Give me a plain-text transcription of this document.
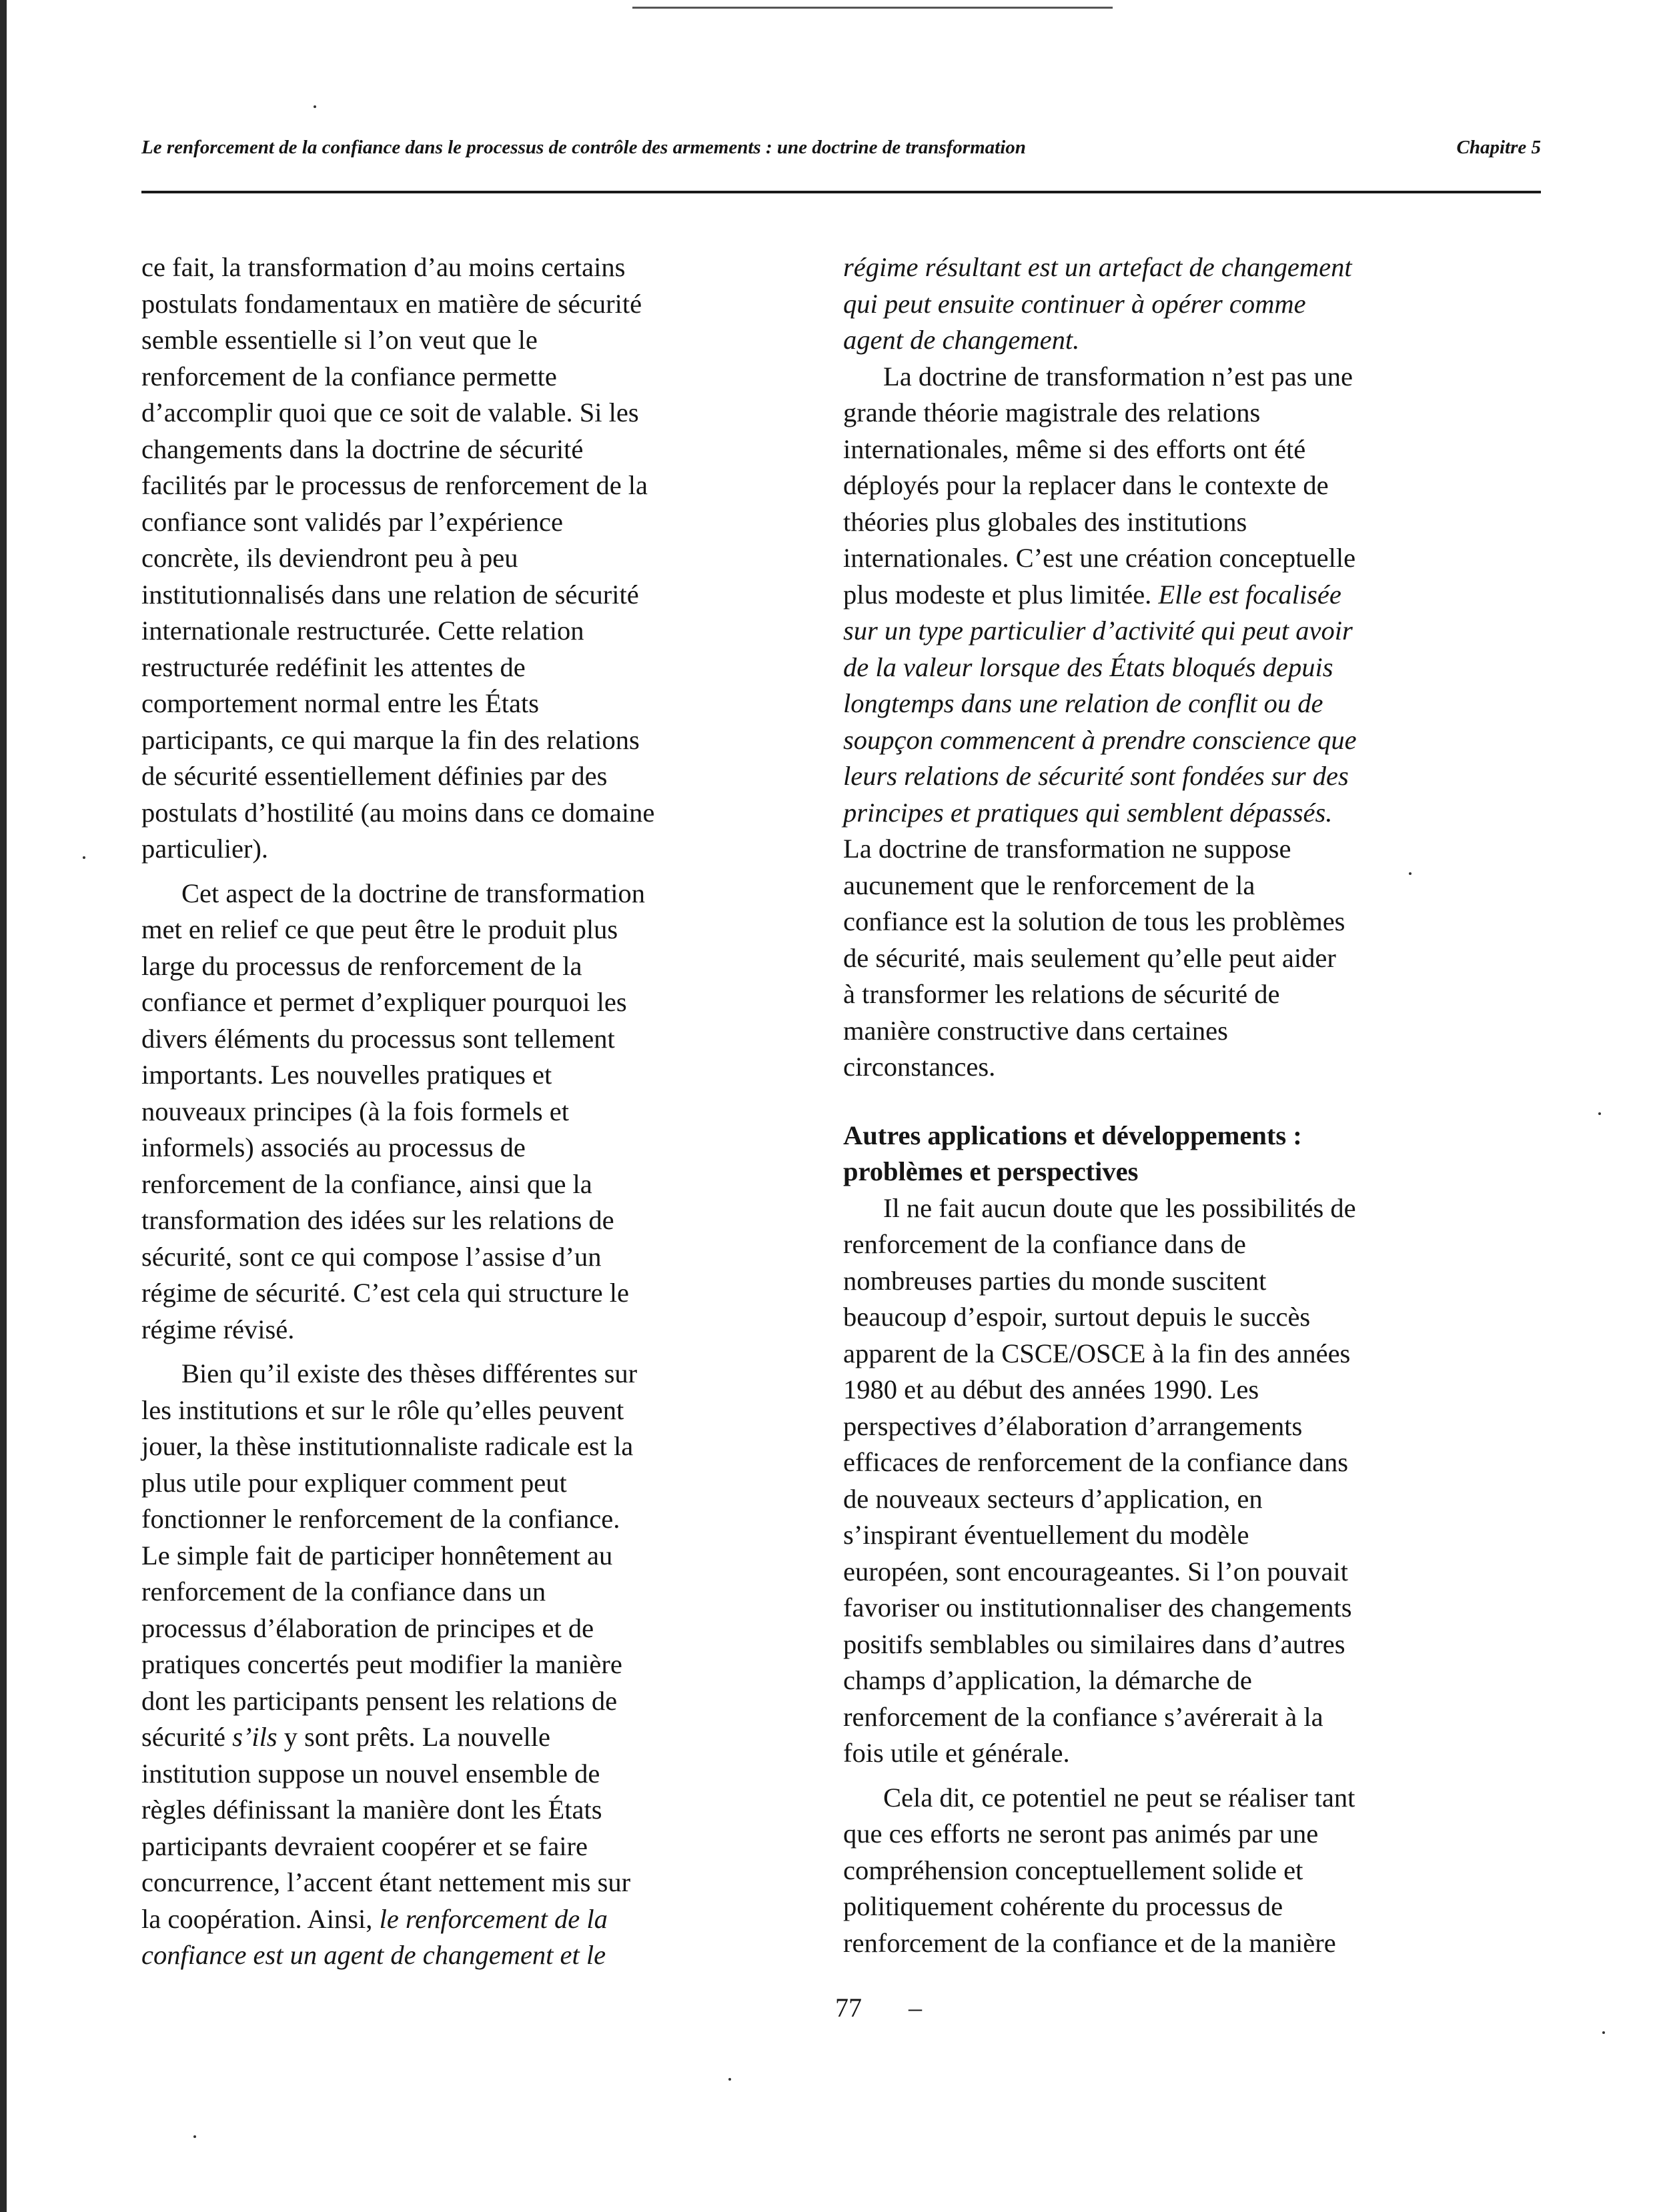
Le renforcement de la confiance dans le processus de contrôle des armements : une doctrine de transformation	Chapitre 5
ce fait, la transformation d’au moins certains
postulats fondamentaux en matière de sécurité
semble essentielle si l’on veut que le
renforcement de la confiance permette
d’accomplir quoi que ce soit de valable. Si les
changements dans la doctrine de sécurité
facilités par le processus de renforcement de la
confiance sont validés par l’expérience
concrète, ils deviendront peu à peu
institutionnalisés dans une relation de sécurité
internationale restructurée. Cette relation
restructurée redéfinit les attentes de
comportement normal entre les États
participants, ce qui marque la fin des relations
de sécurité essentiellement définies par des
postulats d’hostilité (au moins dans ce domaine
particulier).
Cet aspect de la doctrine de transformation
met en relief ce que peut être le produit plus
large du processus de renforcement de la
confiance et permet d’expliquer pourquoi les
divers éléments du processus sont tellement
importants. Les nouvelles pratiques et
nouveaux principes (à la fois formels et
informels) associés au processus de
renforcement de la confiance, ainsi que la
transformation des idées sur les relations de
sécurité, sont ce qui compose l’assise d’un
régime de sécurité. C’est cela qui structure le
régime révisé.
Bien qu’il existe des thèses différentes sur
les institutions et sur le rôle qu’elles peuvent
jouer, la thèse institutionnaliste radicale est la
plus utile pour expliquer comment peut
fonctionner le renforcement de la confiance.
Le simple fait de participer honnêtement au
renforcement de la confiance dans un
processus d’élaboration de principes et de
pratiques concertés peut modifier la manière
dont les participants pensent les relations de
sécurité s’ils y sont prêts. La nouvelle
institution suppose un nouvel ensemble de
règles définissant la manière dont les États
participants devraient coopérer et se faire
concurrence, l’accent étant nettement mis sur
la coopération. Ainsi, le renforcement de la
confiance est un agent de changement et le
régime résultant est un artefact de changement
qui peut ensuite continuer à opérer comme
agent de changement.
La doctrine de transformation n’est pas une
grande théorie magistrale des relations
internationales, même si des efforts ont été
déployés pour la replacer dans le contexte de
théories plus globales des institutions
internationales. C’est une création conceptuelle
plus modeste et plus limitée. Elle est focalisée
sur un type particulier d’activité qui peut avoir
de la valeur lorsque des États bloqués depuis
longtemps dans une relation de conflit ou de
soupçon commencent à prendre conscience que
leurs relations de sécurité sont fondées sur des
principes et pratiques qui semblent dépassés.
La doctrine de transformation ne suppose
aucunement que le renforcement de la
confiance est la solution de tous les problèmes
de sécurité, mais seulement qu’elle peut aider
à transformer les relations de sécurité de
manière constructive dans certaines
circonstances.
Autres applications et développements :
problèmes et perspectives
Il ne fait aucun doute que les possibilités de
renforcement de la confiance dans de
nombreuses parties du monde suscitent
beaucoup d’espoir, surtout depuis le succès
apparent de la CSCE/OSCE à la fin des années
1980 et au début des années 1990. Les
perspectives d’élaboration d’arrangements
efficaces de renforcement de la confiance dans
de nouveaux secteurs d’application, en
s’inspirant éventuellement du modèle
européen, sont encourageantes. Si l’on pouvait
favoriser ou institutionnaliser des changements
positifs semblables ou similaires dans d’autres
champs d’application, la démarche de
renforcement de la confiance s’avérerait à la
fois utile et générale.
Cela dit, ce potentiel ne peut se réaliser tant
que ces efforts ne seront pas animés par une
compréhension conceptuellement solide et
politiquement cohérente du processus de
renforcement de la confiance et de la manière
77 –
